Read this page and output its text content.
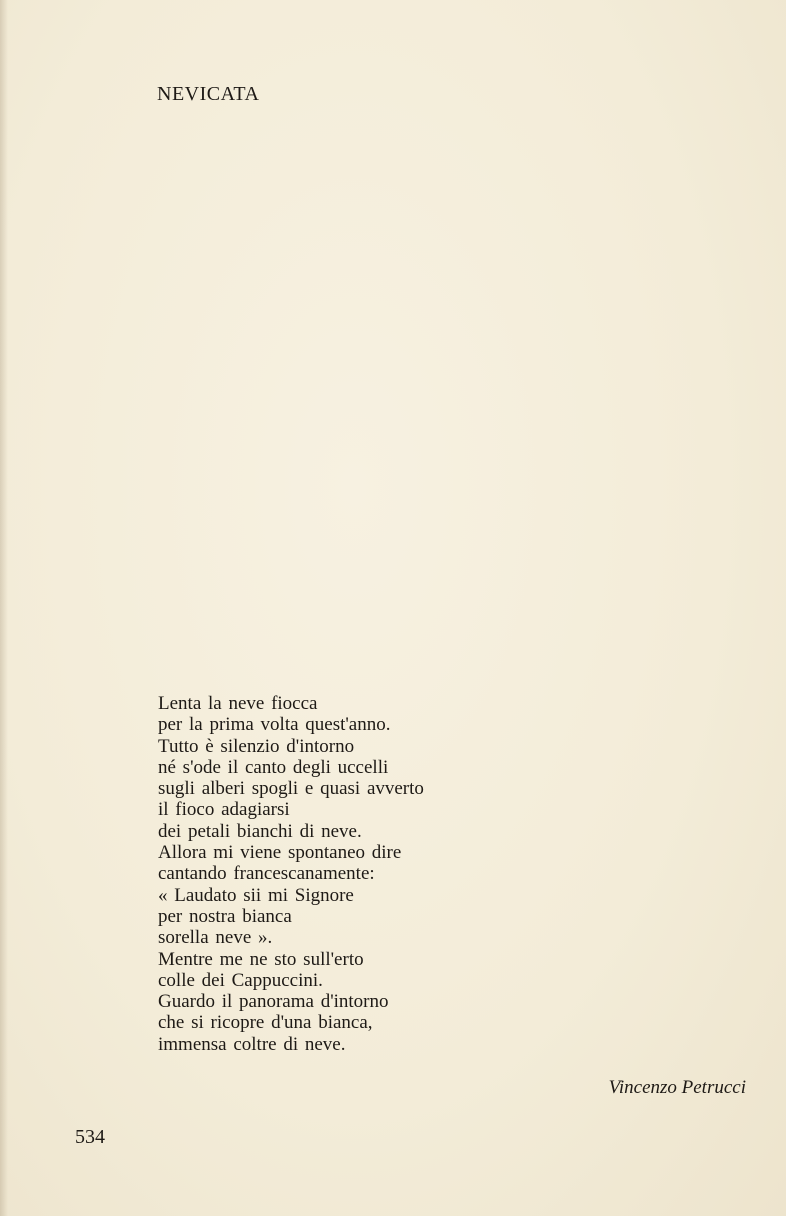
NEVICATA
Lenta la neve fiocca
per la prima volta quest'anno.
Tutto è silenzio d'intorno
né s'ode il canto degli uccelli
sugli alberi spogli e quasi avverto
il fioco adagiarsi
dei petali bianchi di neve.
Allora mi viene spontaneo dire
cantando francescanamente:
« Laudato sii mi Signore
per nostra bianca
sorella neve ».
Mentre me ne sto sull'erto
colle dei Cappuccini.
Guardo il panorama d'intorno
che si ricopre d'una bianca,
immensa coltre di neve.
Vincenzo Petrucci
534
